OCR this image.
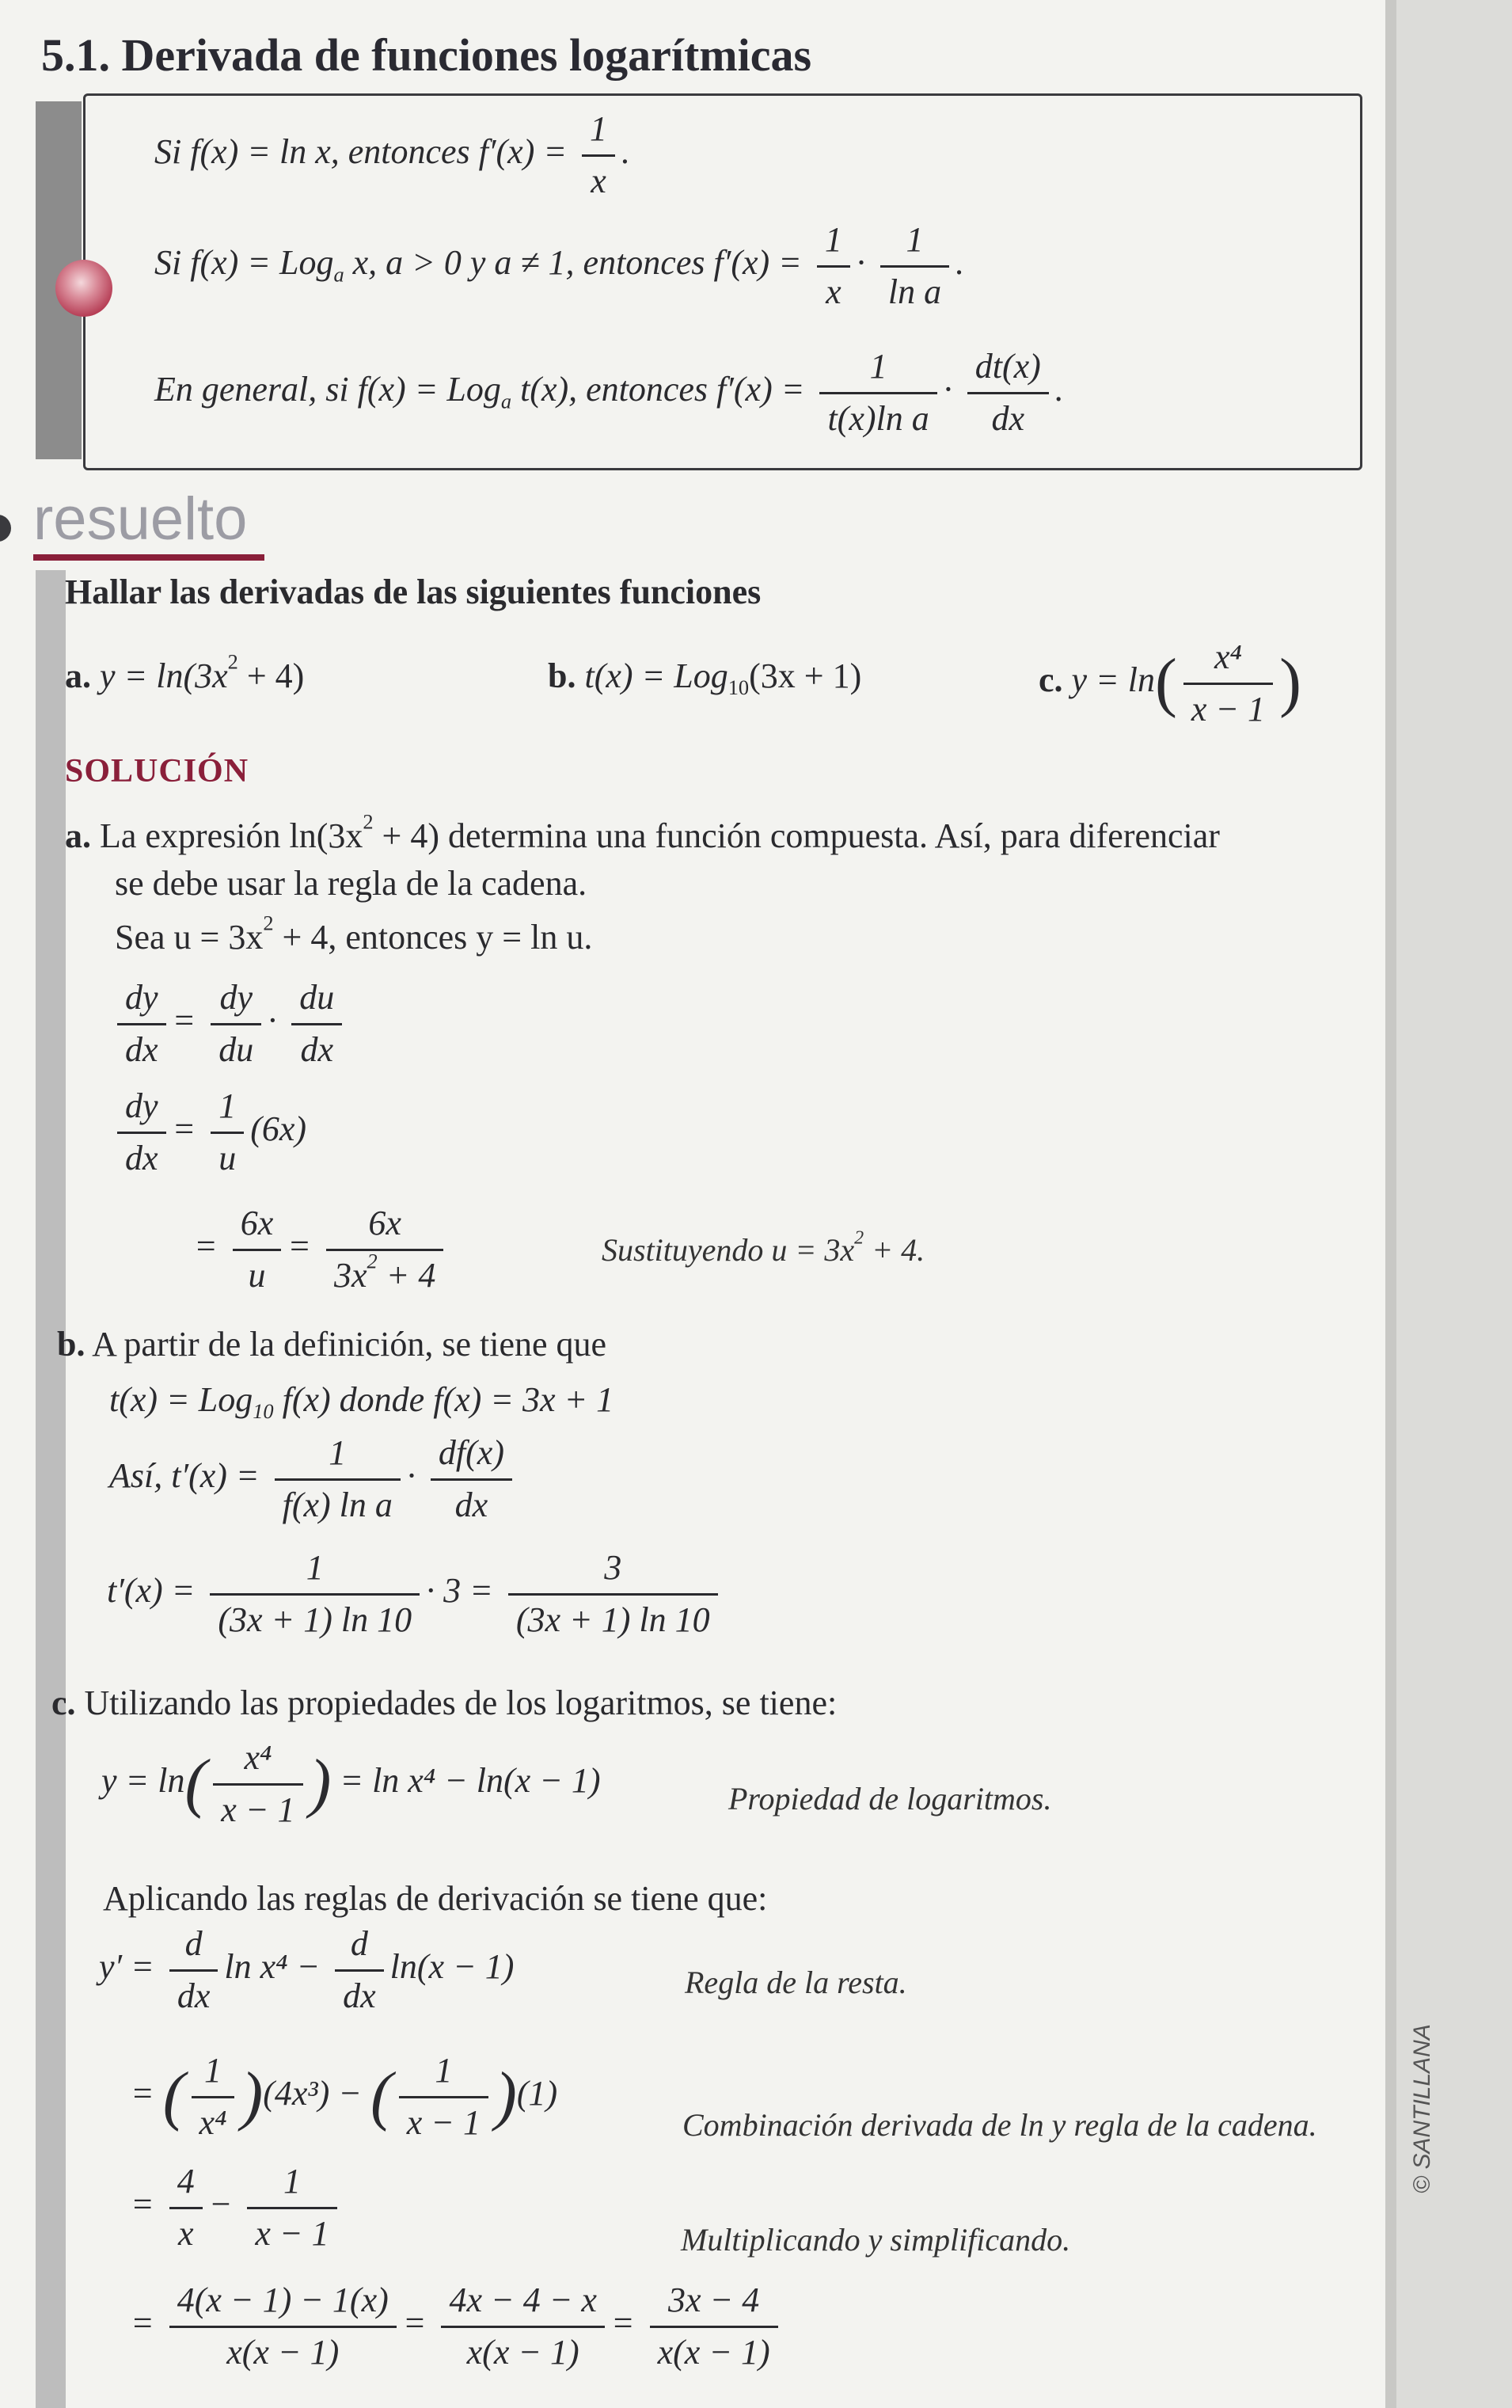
5.1. Derivada de funciones logarítmicas
Si f(x) = ln x, entonces $f'(x) = \frac{1}{x}$ .
Si f(x) = Log$_a$ x, a > 0 y a ≠ 1, entonces $f'(x) = \frac{1}{x} \cdot \frac{1}{\text{ln a}}$ .
En general, si f(x) = Log$_a$ t(x), entonces $f'(x) = \frac{1}{\text{t(x)ln a}} \cdot \frac{dt(x)}{dx}$ .
resuelto
Hallar las derivadas de las siguientes funciones
a. $y = \ln(3x^2 + 4)$	b. t(x) = Log$_{10}$(3x + 1)	c. $y = \ln( \frac{\text{x⁴}}{x - 1}$ )
SOLUCIÓN
a. La expresión $\ln(3x^2 + 4)$ determina una función compuesta. Así, para diferenciar
se debe usar la regla de la cadena.
Sea $u = 3x^2 + 4$, entonces y = ln u.
$\frac{dy}{dx} = \frac{dy}{du} \cdot \frac{du}{dx}$
$\frac{dy}{dx} = \frac{1}{u} (6x)$
= $\frac{6x}{u} = \frac{6x}{3x^2 + 4}$	Sustituyendo $u = 3x^2 + 4$.
b. A partir de la definición, se tiene que
t(x) = Log$_{10}$ f(x) donde f(x) = 3x + 1
Así, $t'(x) = \frac{1}{\text{f(x) ln a}} \cdot \frac{df(x)}{dx}$
$t'(x) = \frac{1}{(3x + 1) \ln 10} \cdot 3 = \frac{3}{(3x + 1) \ln 10}$
c. Utilizando las propiedades de los logaritmos, se tiene:
$y = \ln( \frac{\text{x⁴}}{x - 1}$ ) = ln x⁴ − ln(x − 1)	Propiedad de logaritmos.
Aplicando las reglas de derivación se tiene que:
$y' = \frac{d}{dx}$ $\ln x^4 - \frac{d}{dx} \ln(x - 1)$	Regla de la resta.
= ( $\frac{1}{\text{x⁴}} )(4x^3)$ − ( $\frac{1}{x - 1} )(1)$
Combinación derivada de ln y regla de la cadena.
= $\frac{4}{x} - \frac{1}{x - 1}$	Multiplicando y simplificando.
= $\frac{4(x - 1) - 1(x)}{x(x - 1)} = \frac{4x - 4 - x}{x(x - 1)} = \frac{3x - 4}{x(x - 1)}$
© SANTILLANA
